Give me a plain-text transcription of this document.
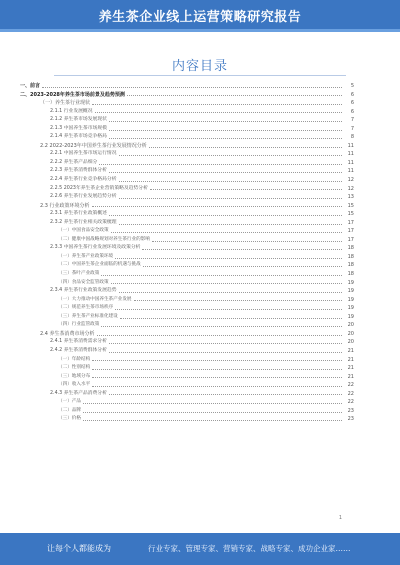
养生茶企业线上运营策略研究报告
内容目录
一、前言	5
二、2023-2028年养生茶市场前景及趋势预测	6
（一）养生茶行业现状	6
2.1.1 行业发展概况	6
2.1.2 养生茶市场发展现状	7
2.1.3 中国养生茶市场规模	7
2.1.4 养生茶市场竞争格局	8
2.2 2022-2023年中国养生茶行业发展情况分析	11
2.2.1 中国养生茶市场运行情况	11
2.2.2 养生茶产品细分	11
2.2.3 养生茶消费群体分析	11
2.2.4 养生茶行业竞争格局分析	12
2.2.5 2023年养生茶企业营销策略及趋势分析	12
2.2.6 养生茶行业发展趋势分析	13
2.3 行业政策环境分析	15
2.3.1 养生茶行业政策概述	15
2.3.2 养生茶行业相关政策梳理	17
（一）中国食品安全政策	17
（二）健康中国战略规划对养生茶行业的影响	17
2.3.3 中国养生茶行业发展环境及政策分析	18
（一）养生茶产业政策环境	18
（二）中国养生茶企业面临的机遇与挑战	18
（三）茶叶产业政策	18
（四）食品安全监管政策	19
2.3.4 养生茶行业政策发展趋势	19
（一）大力推动中国养生茶产业发展	19
（二）规范养生茶市场秩序	19
（三）养生茶产业标准化建设	19
（四）行业监管政策	20
2.4 养生茶消费市场分析	20
2.4.1 养生茶消费需求分析	20
2.4.2 养生茶消费群体分析	21
（一）年龄结构	21
（二）性别结构	21
（三）地域分布	21
（四）收入水平	22
2.4.3 养生茶产品消费分析	22
（一）产品	22
（二）品牌	23
（三）价格	23
1
让每个人都能成为	行业专家、管理专家、营销专家、战略专家、成功企业家……
